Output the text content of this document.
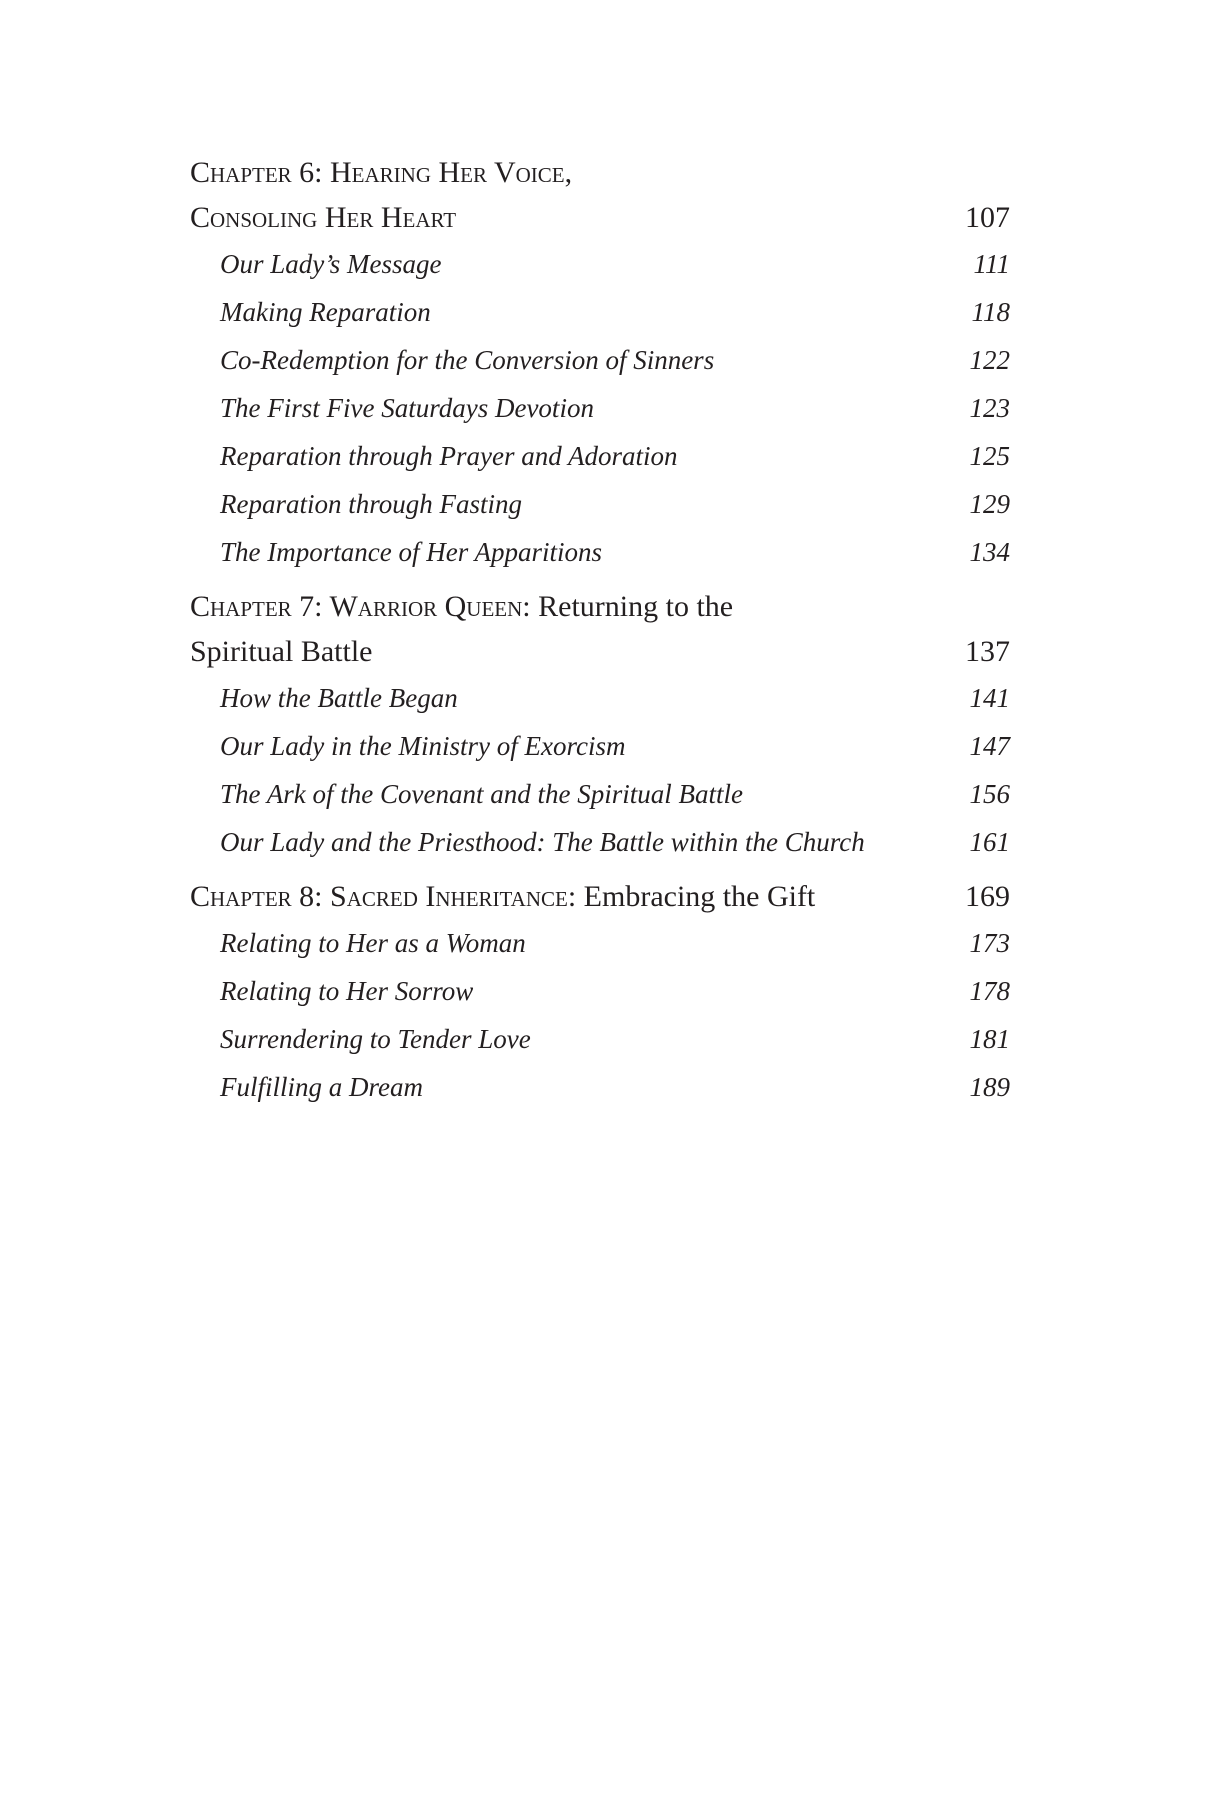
Chapter 6: Hearing Her Voice,
Consoling Her Heart	107
Our Lady’s Message	111
Making Reparation	118
Co-Redemption for the Conversion of Sinners	122
The First Five Saturdays Devotion	123
Reparation through Prayer and Adoration	125
Reparation through Fasting	129
The Importance of Her Apparitions	134
Chapter 7: Warrior Queen: Returning to the
Spiritual Battle	137
How the Battle Began	141
Our Lady in the Ministry of Exorcism	147
The Ark of the Covenant and the Spiritual Battle	156
Our Lady and the Priesthood: The Battle within the Church	161
Chapter 8: Sacred Inheritance: Embracing the Gift	169
Relating to Her as a Woman	173
Relating to Her Sorrow	178
Surrendering to Tender Love	181
Fulfilling a Dream	189
